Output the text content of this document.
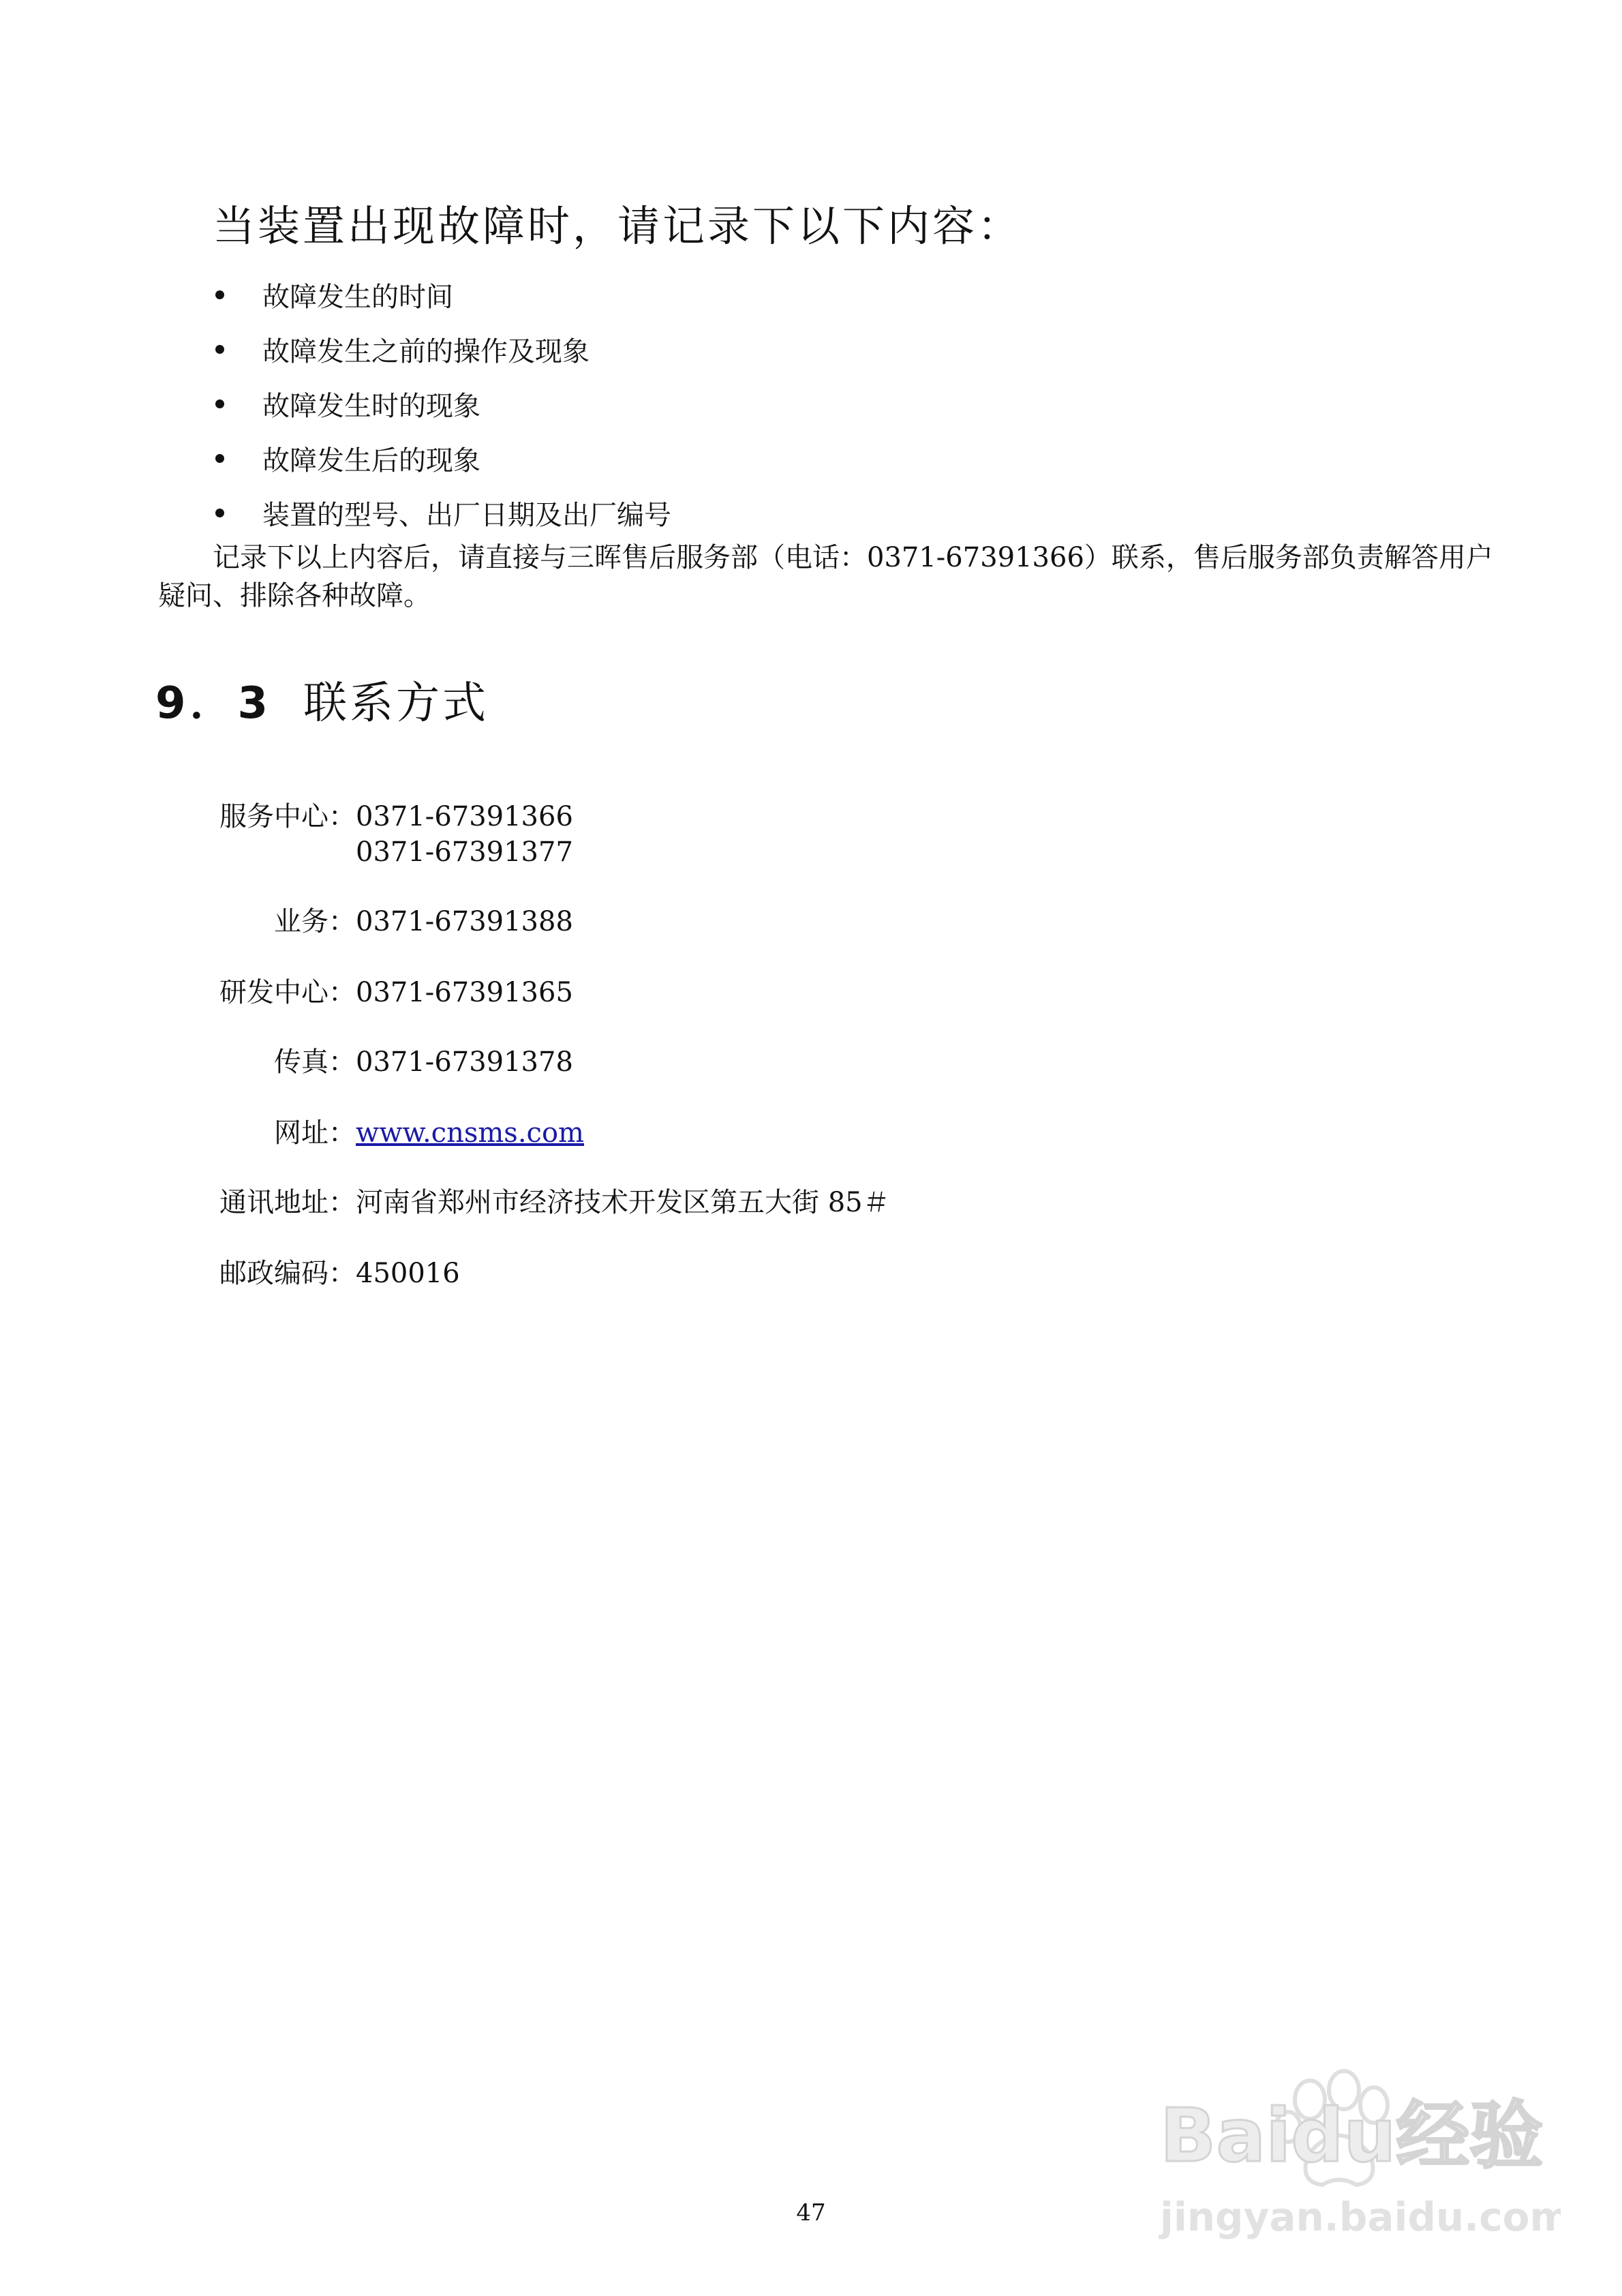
当装置出现故障时，请记录下以下内容：
故障发生的时间
故障发生之前的操作及现象
故障发生时的现象
故障发生后的现象
装置的型号、出厂日期及出厂编号

记录下以上内容后，请直接与三晖售后服务部（电话：0371-67391366）联系，售后服务部负责解答用户疑问、排除各种故障。

9．3 联系方式
服务中心：0371-67391366
0371-67391377
业务：0371-67391388
研发中心：0371-67391365
传真：0371-67391378
网址：www.cnsms.com
通讯地址：河南省郑州市经济技术开发区第五大街 85＃
邮政编码：450016
47
Baidu经验
jingyan.baidu.com
